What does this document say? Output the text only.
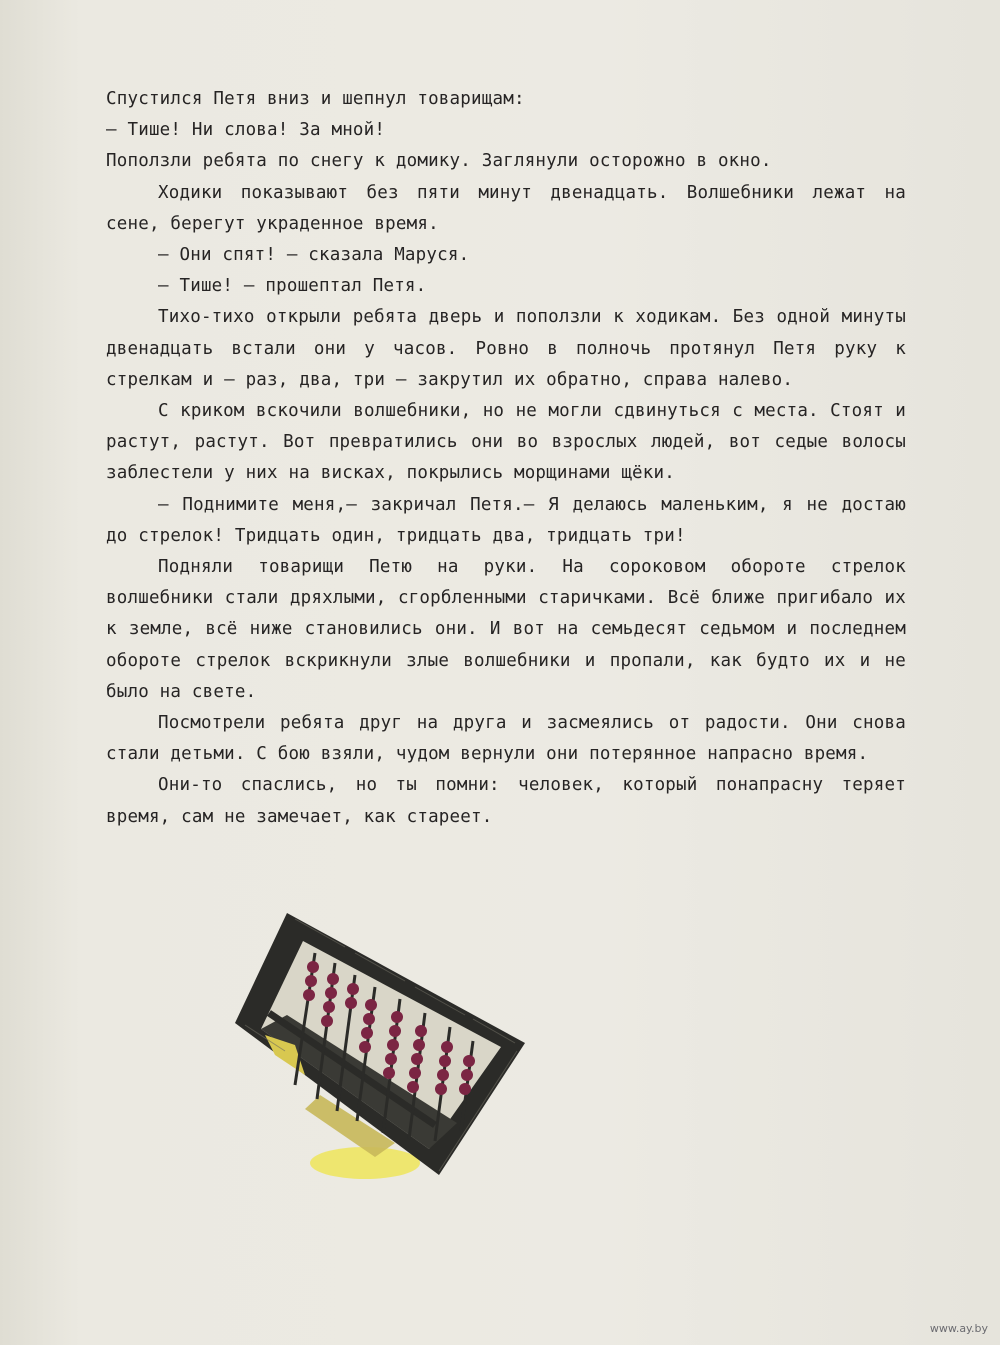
Спустился Петя вниз и шепнул товарищам:

— Тише! Ни слова! За мной!

Поползли ребята по снегу к домику. Заглянули осторожно в окно.

Ходики показывают без пяти минут двенадцать. Волшебники лежат на сене, берегут украденное время.

— Они спят! — сказала Маруся.

— Тише! — прошептал Петя.

Тихо-тихо открыли ребята дверь и поползли к ходикам. Без одной минуты двенадцать встали они у часов. Ровно в полночь протянул Петя руку к стрелкам и — раз, два, три — закрутил их обратно, справа налево.

С криком вскочили волшебники, но не могли сдвинуться с места. Стоят и растут, растут. Вот превратились они во взрослых людей, вот седые волосы заблестели у них на висках, покрылись морщинами щёки.

— Поднимите меня,— закричал Петя.— Я делаюсь маленьким, я не достаю до стрелок! Тридцать один, тридцать два, тридцать три!

Подняли товарищи Петю на руки. На сороковом обороте стрелок волшебники стали дряхлыми, сгорбленными старичками. Всё ближе пригибало их к земле, всё ниже становились они. И вот на семьдесят седьмом и последнем обороте стрелок вскрикнули злые волшебники и пропали, как будто их и не было на свете.

Посмотрели ребята друг на друга и засмеялись от радости. Они снова стали детьми. С бою взяли, чудом вернули они потерянное напрасно время.

Они-то спаслись, но ты помни: человек, который понапрасну теряет время, сам не замечает, как стареет.

www.ay.by
